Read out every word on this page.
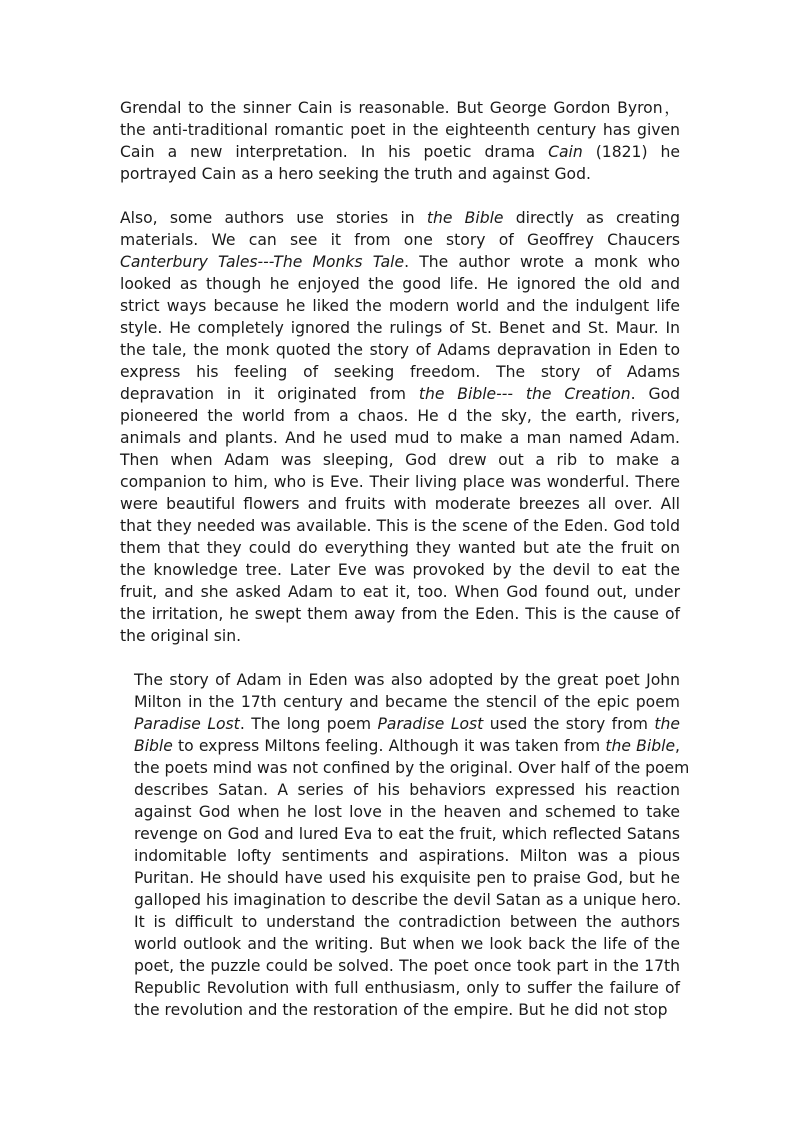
Grendal to the sinner Cain is reasonable. But George Gordon Byron，
the anti-traditional romantic poet in the eighteenth century has given
Cain a new interpretation. In his poetic drama Cain (1821) he
portrayed Cain as a hero seeking the truth and against God.

Also, some authors use stories in the Bible directly as creating
materials. We can see it from one story of Geoffrey Chaucers
Canterbury Tales---The Monks Tale. The author wrote a monk who
looked as though he enjoyed the good life. He ignored the old and
strict ways because he liked the modern world and the indulgent life
style. He completely ignored the rulings of St. Benet and St. Maur. In
the tale, the monk quoted the story of Adams depravation in Eden to
express his feeling of seeking freedom. The story of Adams
depravation in it originated from the Bible--- the Creation. God
pioneered the world from a chaos. He d the sky, the earth, rivers,
animals and plants. And he used mud to make a man named Adam.
Then when Adam was sleeping, God drew out a rib to make a
companion to him, who is Eve. Their living place was wonderful. There
were beautiful flowers and fruits with moderate breezes all over. All
that they needed was available. This is the scene of the Eden. God told
them that they could do everything they wanted but ate the fruit on
the knowledge tree. Later Eve was provoked by the devil to eat the
fruit, and she asked Adam to eat it, too. When God found out, under
the irritation, he swept them away from the Eden. This is the cause of
the original sin.

The story of Adam in Eden was also adopted by the great poet John
Milton in the 17th century and became the stencil of the epic poem
Paradise Lost. The long poem Paradise Lost used the story from the
Bible to express Miltons feeling. Although it was taken from the Bible,
the poets mind was not confined by the original. Over half of the poem
describes Satan. A series of his behaviors expressed his reaction
against God when he lost love in the heaven and schemed to take
revenge on God and lured Eva to eat the fruit, which reflected Satans
indomitable lofty sentiments and aspirations. Milton was a pious
Puritan. He should have used his exquisite pen to praise God, but he
galloped his imagination to describe the devil Satan as a unique hero.
It is difficult to understand the contradiction between the authors
world outlook and the writing. But when we look back the life of the
poet, the puzzle could be solved. The poet once took part in the 17th
Republic Revolution with full enthusiasm, only to suffer the failure of
the revolution and the restoration of the empire. But he did not stop
